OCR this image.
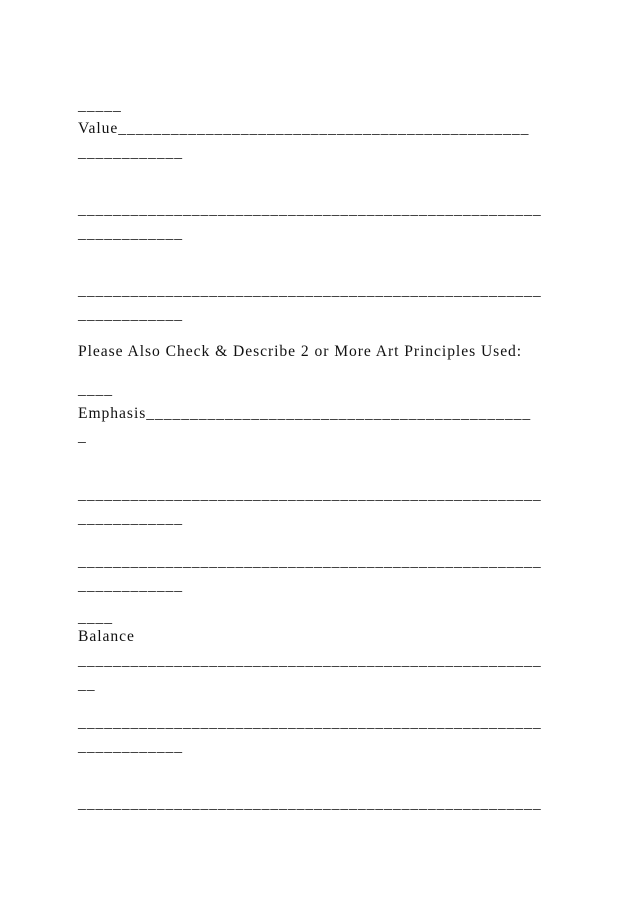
_____

Value_______________________________________________

____________

_____________________________________________________

____________

_____________________________________________________

____________

Please Also Check & Describe 2 or More Art Principles Used:

____

Emphasis____________________________________________

_

_____________________________________________________

____________

_____________________________________________________

____________

____

Balance

_____________________________________________________

__

_____________________________________________________

____________

_____________________________________________________
